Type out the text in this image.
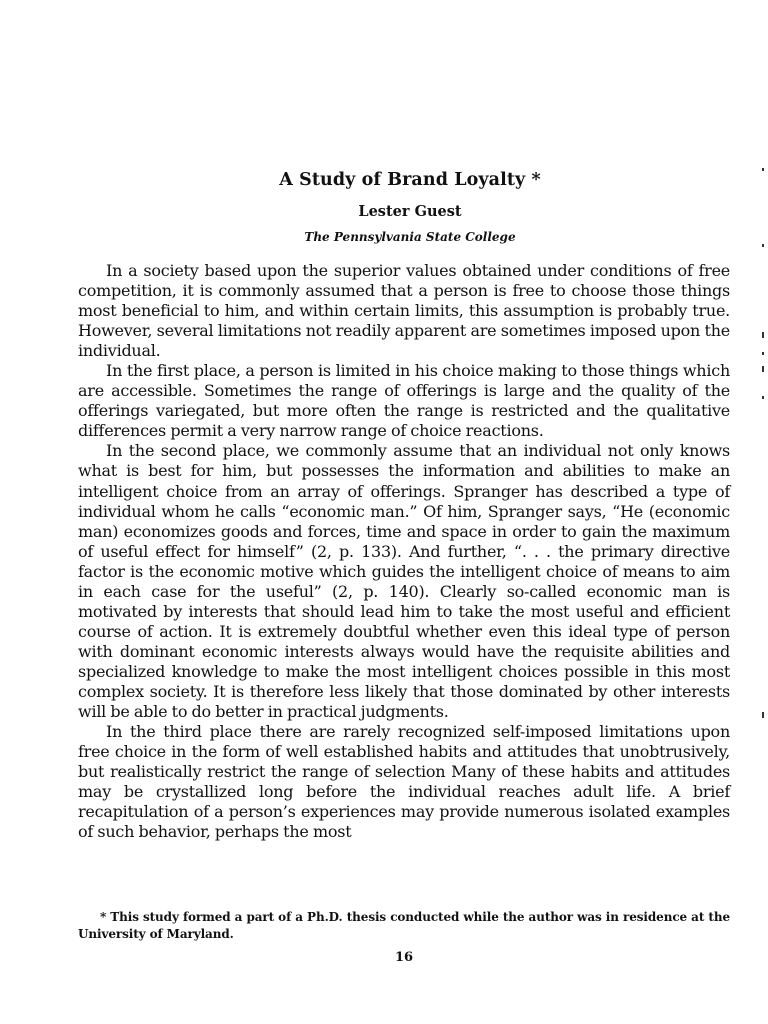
A Study of Brand Loyalty *
Lester Guest
The Pennsylvania State College

In a society based upon the superior values obtained under conditions of free competition, it is commonly assumed that a person is free to choose those things most beneficial to him, and within certain limits, this assumption is probably true. However, several limitations not readily apparent are sometimes imposed upon the individual.

In the first place, a person is limited in his choice making to those things which are accessible. Sometimes the range of offerings is large and the quality of the offerings variegated, but more often the range is restricted and the qualitative differences permit a very narrow range of choice reactions.

In the second place, we commonly assume that an individual not only knows what is best for him, but possesses the information and abilities to make an intelligent choice from an array of offerings. Spranger has described a type of individual whom he calls “economic man.” Of him, Spranger says, “He (economic man) economizes goods and forces, time and space in order to gain the maximum of useful effect for himself” (2, p. 133). And further, “. . . the primary directive factor is the economic motive which guides the intelligent choice of means to aim in each case for the useful” (2, p. 140). Clearly so-called economic man is motivated by interests that should lead him to take the most useful and efficient course of action. It is extremely doubtful whether even this ideal type of person with dominant economic interests always would have the requisite abilities and specialized knowledge to make the most intelligent choices possible in this most complex society. It is therefore less likely that those dominated by other interests will be able to do better in practical judgments.

In the third place there are rarely recognized self-imposed limitations upon free choice in the form of well established habits and attitudes that unobtrusively, but realistically restrict the range of selection Many of these habits and attitudes may be crystallized long before the individual reaches adult life. A brief recapitulation of a person’s experiences may provide numerous isolated examples of such behavior, perhaps the most

* This study formed a part of a Ph.D. thesis conducted while the author was in residence at the University of Maryland.

16
